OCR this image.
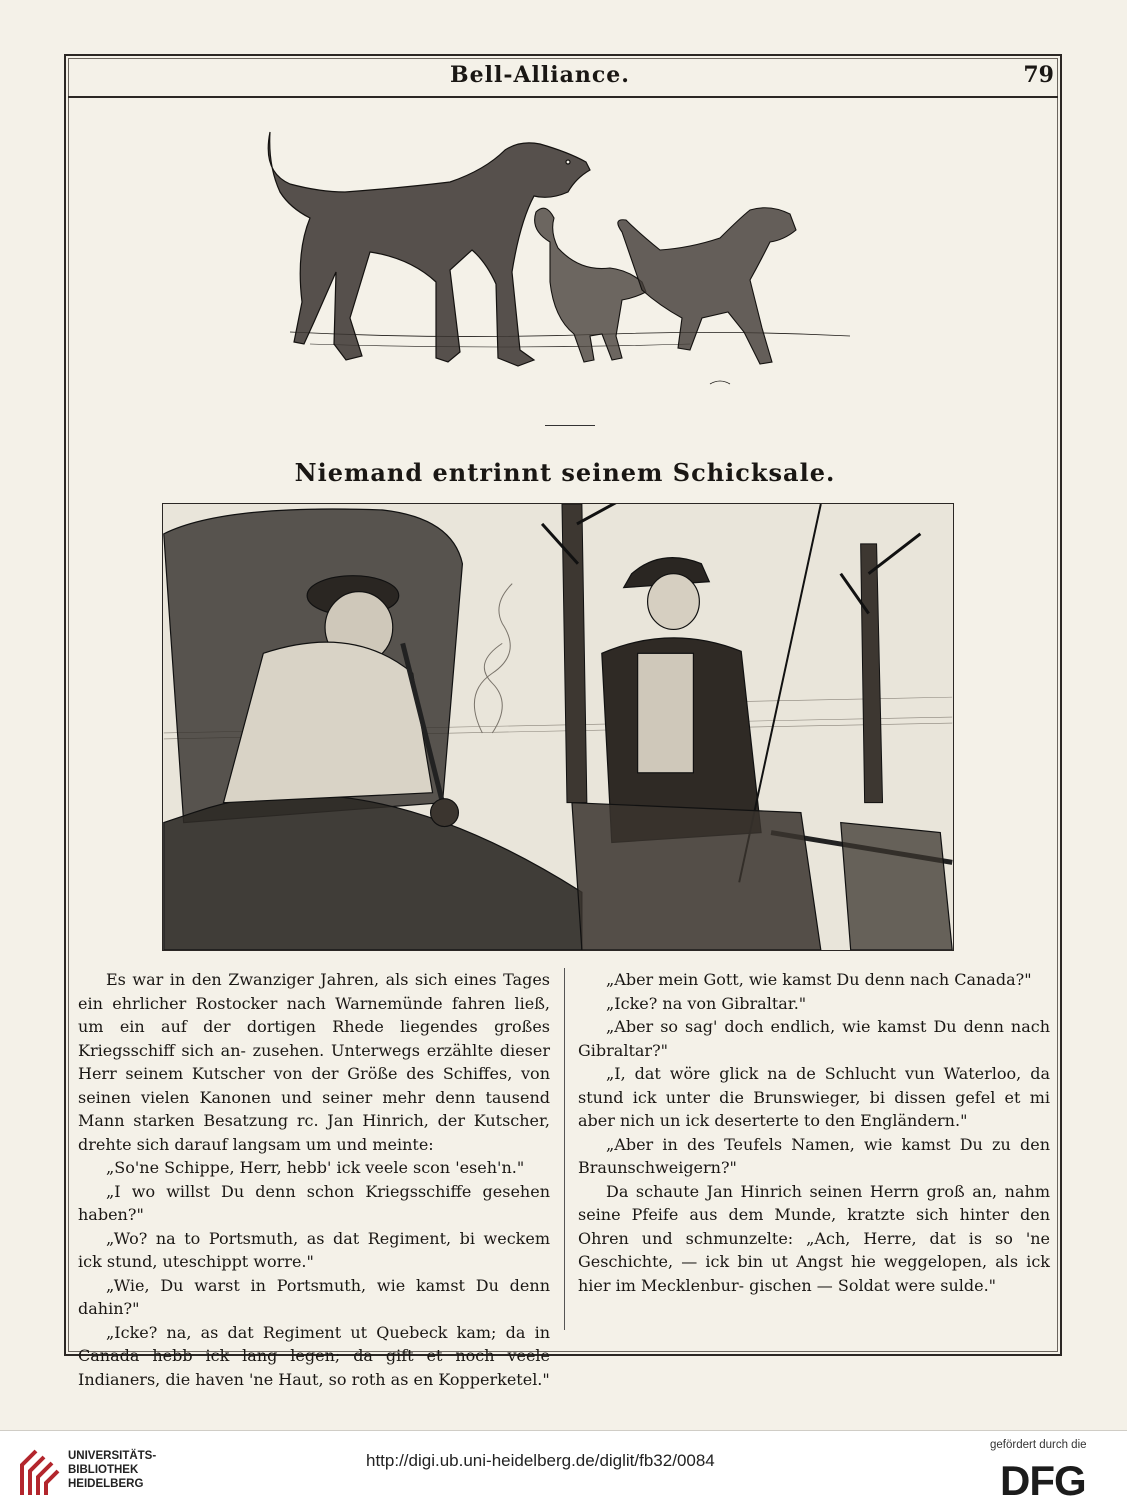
Bell-Alliance.	79
Niemand entrinnt seinem Schicksale.

Es war in den Zwanziger Jahren, als sich eines Tages ein ehrlicher Rostocker nach Warnemünde fahren ließ, um ein auf der dortigen Rhede liegendes großes Kriegsschiff sich an- zusehen. Unterwegs erzählte dieser Herr seinem Kutscher von der Größe des Schiffes, von seinen vielen Kanonen und seiner mehr denn tausend Mann starken Besatzung rc. Jan Hinrich, der Kutscher, drehte sich darauf langsam um und meinte:

„So'ne Schippe, Herr, hebb' ick veele scon 'eseh'n."

„I wo willst Du denn schon Kriegsschiffe gesehen haben?"

„Wo? na to Portsmuth, as dat Regiment, bi weckem ick stund, uteschippt worre."

„Wie, Du warst in Portsmuth, wie kamst Du denn dahin?"

„Icke? na, as dat Regiment ut Quebeck kam; da in Canada hebb ick lang legen; da gift et noch veele Indianers, die haven 'ne Haut, so roth as en Kopperketel."

„Aber mein Gott, wie kamst Du denn nach Canada?"

„Icke? na von Gibraltar."

„Aber so sag' doch endlich, wie kamst Du denn nach Gibraltar?"

„I, dat wöre glick na de Schlucht vun Waterloo, da stund ick unter die Brunswieger, bi dissen gefel et mi aber nich un ick deserterte to den Engländern."

„Aber in des Teufels Namen, wie kamst Du zu den Braunschweigern?"

Da schaute Jan Hinrich seinen Herrn groß an, nahm seine Pfeife aus dem Munde, kratzte sich hinter den Ohren und schmunzelte: „Ach, Herre, dat is so 'ne Geschichte, — ick bin ut Angst hie weggelopen, als ick hier im Mecklenbur- gischen — Soldat were sulde."

UNIVERSITÄTS-
BIBLIOTHEK
HEIDELBERG
http://digi.ub.uni-heidelberg.de/diglit/fb32/0084
gefördert durch die
DFG
